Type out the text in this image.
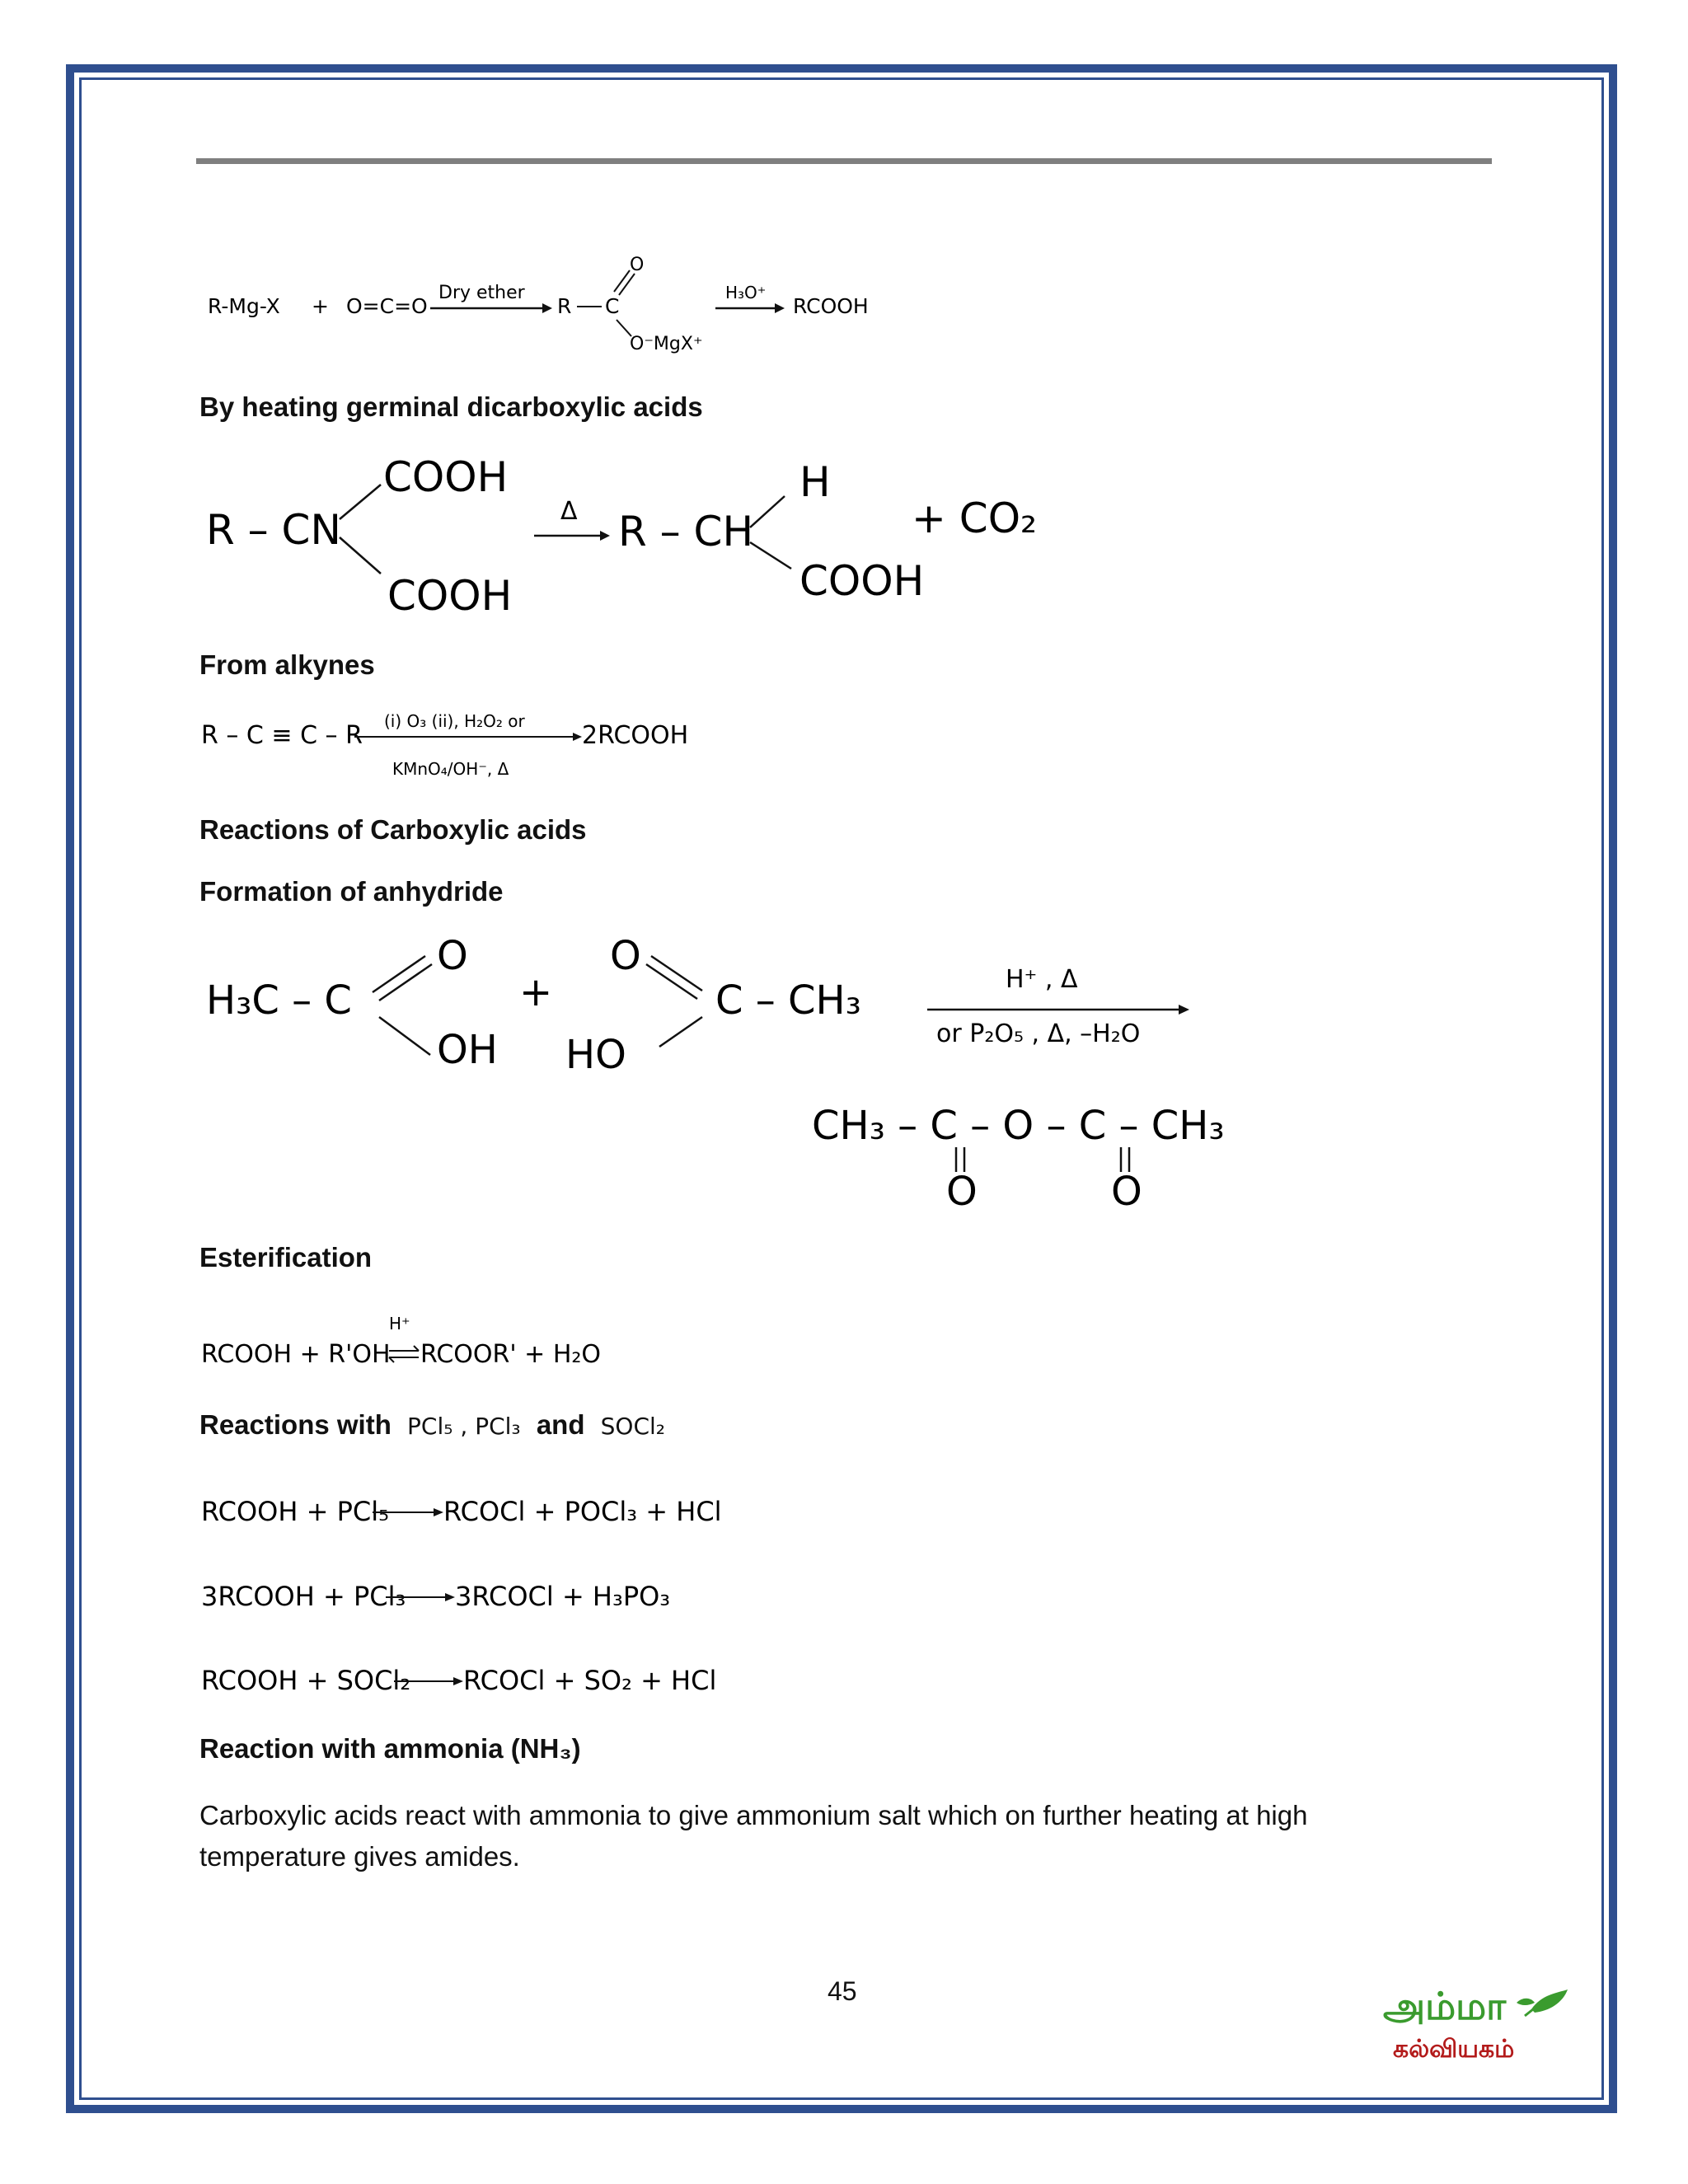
R-Mg-X + O=C=O
Dry ether
R C
O
O⁻MgX⁺
H₃O⁺
RCOOH
By heating germinal dicarboxylic acids
R – CN
COOH
COOH
Δ R – CH
H
COOH
+ CO₂
From alkynes
R – C ≡ C – R (i) O₃ (ii), H₂O₂ or
KMnO₄/OH⁻, Δ
2RCOOH
Reactions of Carboxylic acids
Formation of anhydride
H₃C – C
O
OH
+
O
HO
C – CH₃	H⁺ , Δ
or P₂O₅ , Δ, –H₂O
CH₃ – C – O – C – CH₃
O	O
Esterification
H⁺
RCOOH + R'OH RCOOR' + H₂O
Reactions with PCl₅ , PCl₃ and SOCl₂
RCOOH + PCl₅ RCOCl + POCl₃ + HCl
3RCOOH + PCl₃ 3RCOCl + H₃PO₃
RCOOH + SOCl₂ RCOCl + SO₂ + HCl
Reaction with ammonia (NH₃)
Carboxylic acids react with ammonia to give ammonium salt which on further heating at high temperature gives amides.
45	அம்மா
கல்வியகம்
